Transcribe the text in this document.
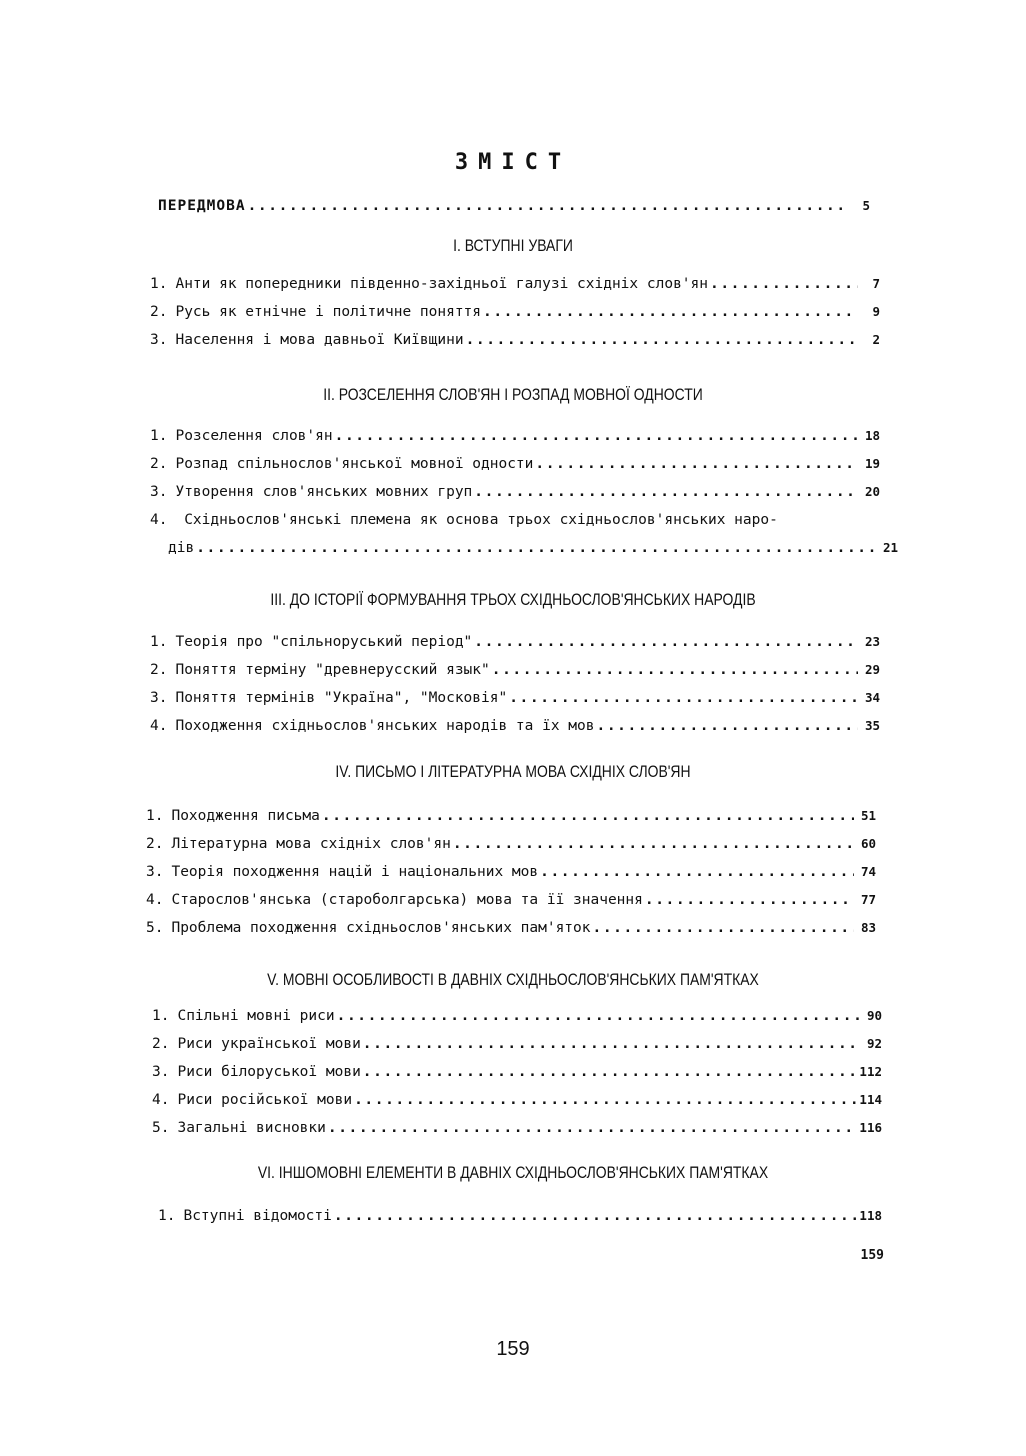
ЗМІСТ
ПЕРЕДМОВА .....	5
І. ВСТУПНІ УВАГИ
1. Анти як попередники південно-західньої галузі східніх слов'ян .....	7
2. Русь як етнічне і політичне поняття .....	9
3. Населення і мова давньої Київщини .....	2
ІІ. РОЗСЕЛЕННЯ СЛОВ'ЯН І РОЗПАД МОВНОЇ ОДНОСТИ
1. Розселення слов'ян .....	18
2. Розпад спільнослов'янської мовної одности .....	19
3. Утворення слов'янських мовних груп .....	20
4. Східньослов'янські племена як основа трьох східньослов'янських наро-
дів .....	21
ІІІ. ДО ІСТОРІЇ ФОРМУВАННЯ ТРЬОХ СХІДНЬОСЛОВ'ЯНСЬКИХ НАРОДІВ
1. Теорія про "спільноруський період" .....	23
2. Поняття терміну "древнерусский язык" .....	29
3. Поняття термінів "Україна", "Московія" .....	34
4. Походження східньослов'янських народів та їх мов .....	35
IV. ПИСЬМО І ЛІТЕРАТУРНА МОВА СХІДНІХ СЛОВ'ЯН
1. Походження письма .....	51
2. Літературна мова східніх слов'ян .....	60
3. Теорія походження націй і національних мов .....	74
4. Старослов'янська (староболгарська) мова та її значення .....	77
5. Проблема походження східньослов'янських пам'яток .....	83
V. МОВНІ ОСОБЛИВОСТІ В ДАВНІХ СХІДНЬОСЛОВ'ЯНСЬКИХ ПАМ'ЯТКАХ
1. Спільні мовні риси .....	90
2. Риси української мови .....	92
3. Риси білоруської мови .....	112
4. Риси російської мови .....	114
5. Загальні висновки .....	116
VI. ІНШОМОВНІ ЕЛЕМЕНТИ В ДАВНІХ СХІДНЬОСЛОВ'ЯНСЬКИХ ПАМ'ЯТКАХ
1. Вступні відомості .....	118
159
159
